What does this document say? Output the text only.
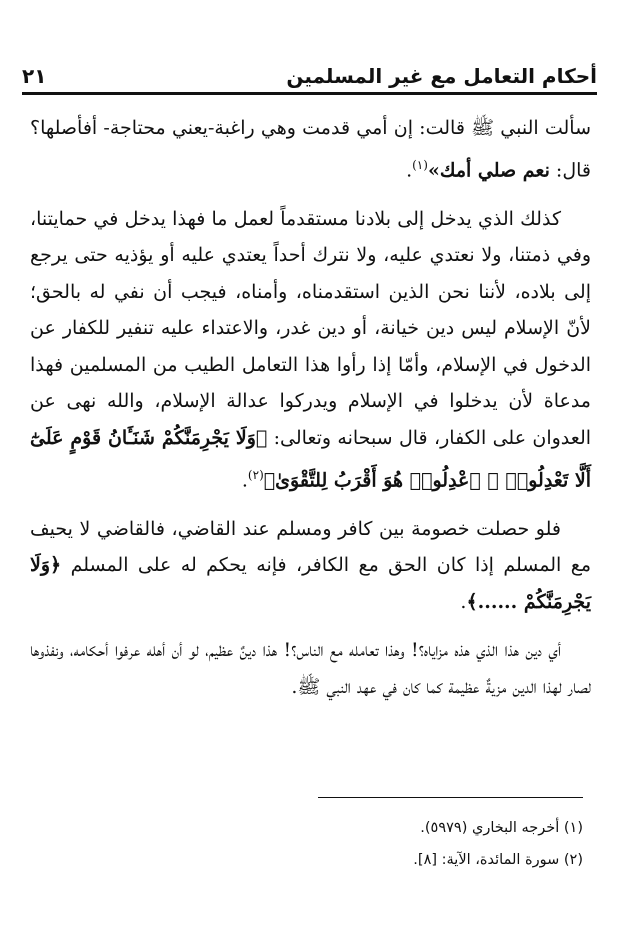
أحكام التعامل مع غير المسلمين
٢١

سألت النبي ﷺ قالت: إن أمي قدمت وهي راغبة-يعني محتاجة- أفأصلها؟ قال: نعم صلي أمك»$^{(١)}$.

كذلك الذي يدخل إلى بلادنا مستقدماً لعمل ما فهذا يدخل في حمايتنا، وفي ذمتنا، ولا نعتدي عليه، ولا نترك أحداً يعتدي عليه أو يؤذيه حتى يرجع إلى بلاده، لأننا نحن الذين استقدمناه، وأمناه، فيجب أن نفي له بالحق؛ لأنّ الإسلام ليس دين خيانة، أو دين غدر، والاعتداء عليه تنفير للكفار عن الدخول في الإسلام، وأمّا إذا رأوا هذا التعامل الطيب من المسلمين فهذا مدعاة لأن يدخلوا في الإسلام ويدركوا عدالة الإسلام، والله نهى عن العدوان على الكفار، قال سبحانه وتعالى: ﴿وَلَا يَجْرِمَنَّكُمْ شَنَـَٔانُ قَوْمٍ عَلَىٰٓ أَلَّا تَعْدِلُوا۟ ۚ ٱعْدِلُوا۟ هُوَ أَقْرَبُ لِلتَّقْوَىٰ﴾$^{(٢)}$.

فلو حصلت خصومة بين كافر ومسلم عند القاضي، فالقاضي لا يحيف مع المسلم إذا كان الحق مع الكافر، فإنه يحكم له على المسلم ﴿وَلَا يَجْرِمَنَّكُمْ ......﴾.

أي دين هذا الذي هذه مزاياه؟! وهذا تعامله مع الناس؟! هذا دينٌ عظيم، لو أن أهله عرفوا أحكامه، ونفذوها لصار لهذا الدين مزيةٌ عظيمة كما كان في عهد النبي ﷺ.

(١) أخرجه البخاري (٥٩٧٩).
(٢) سورة المائدة، الآية: [٨].
